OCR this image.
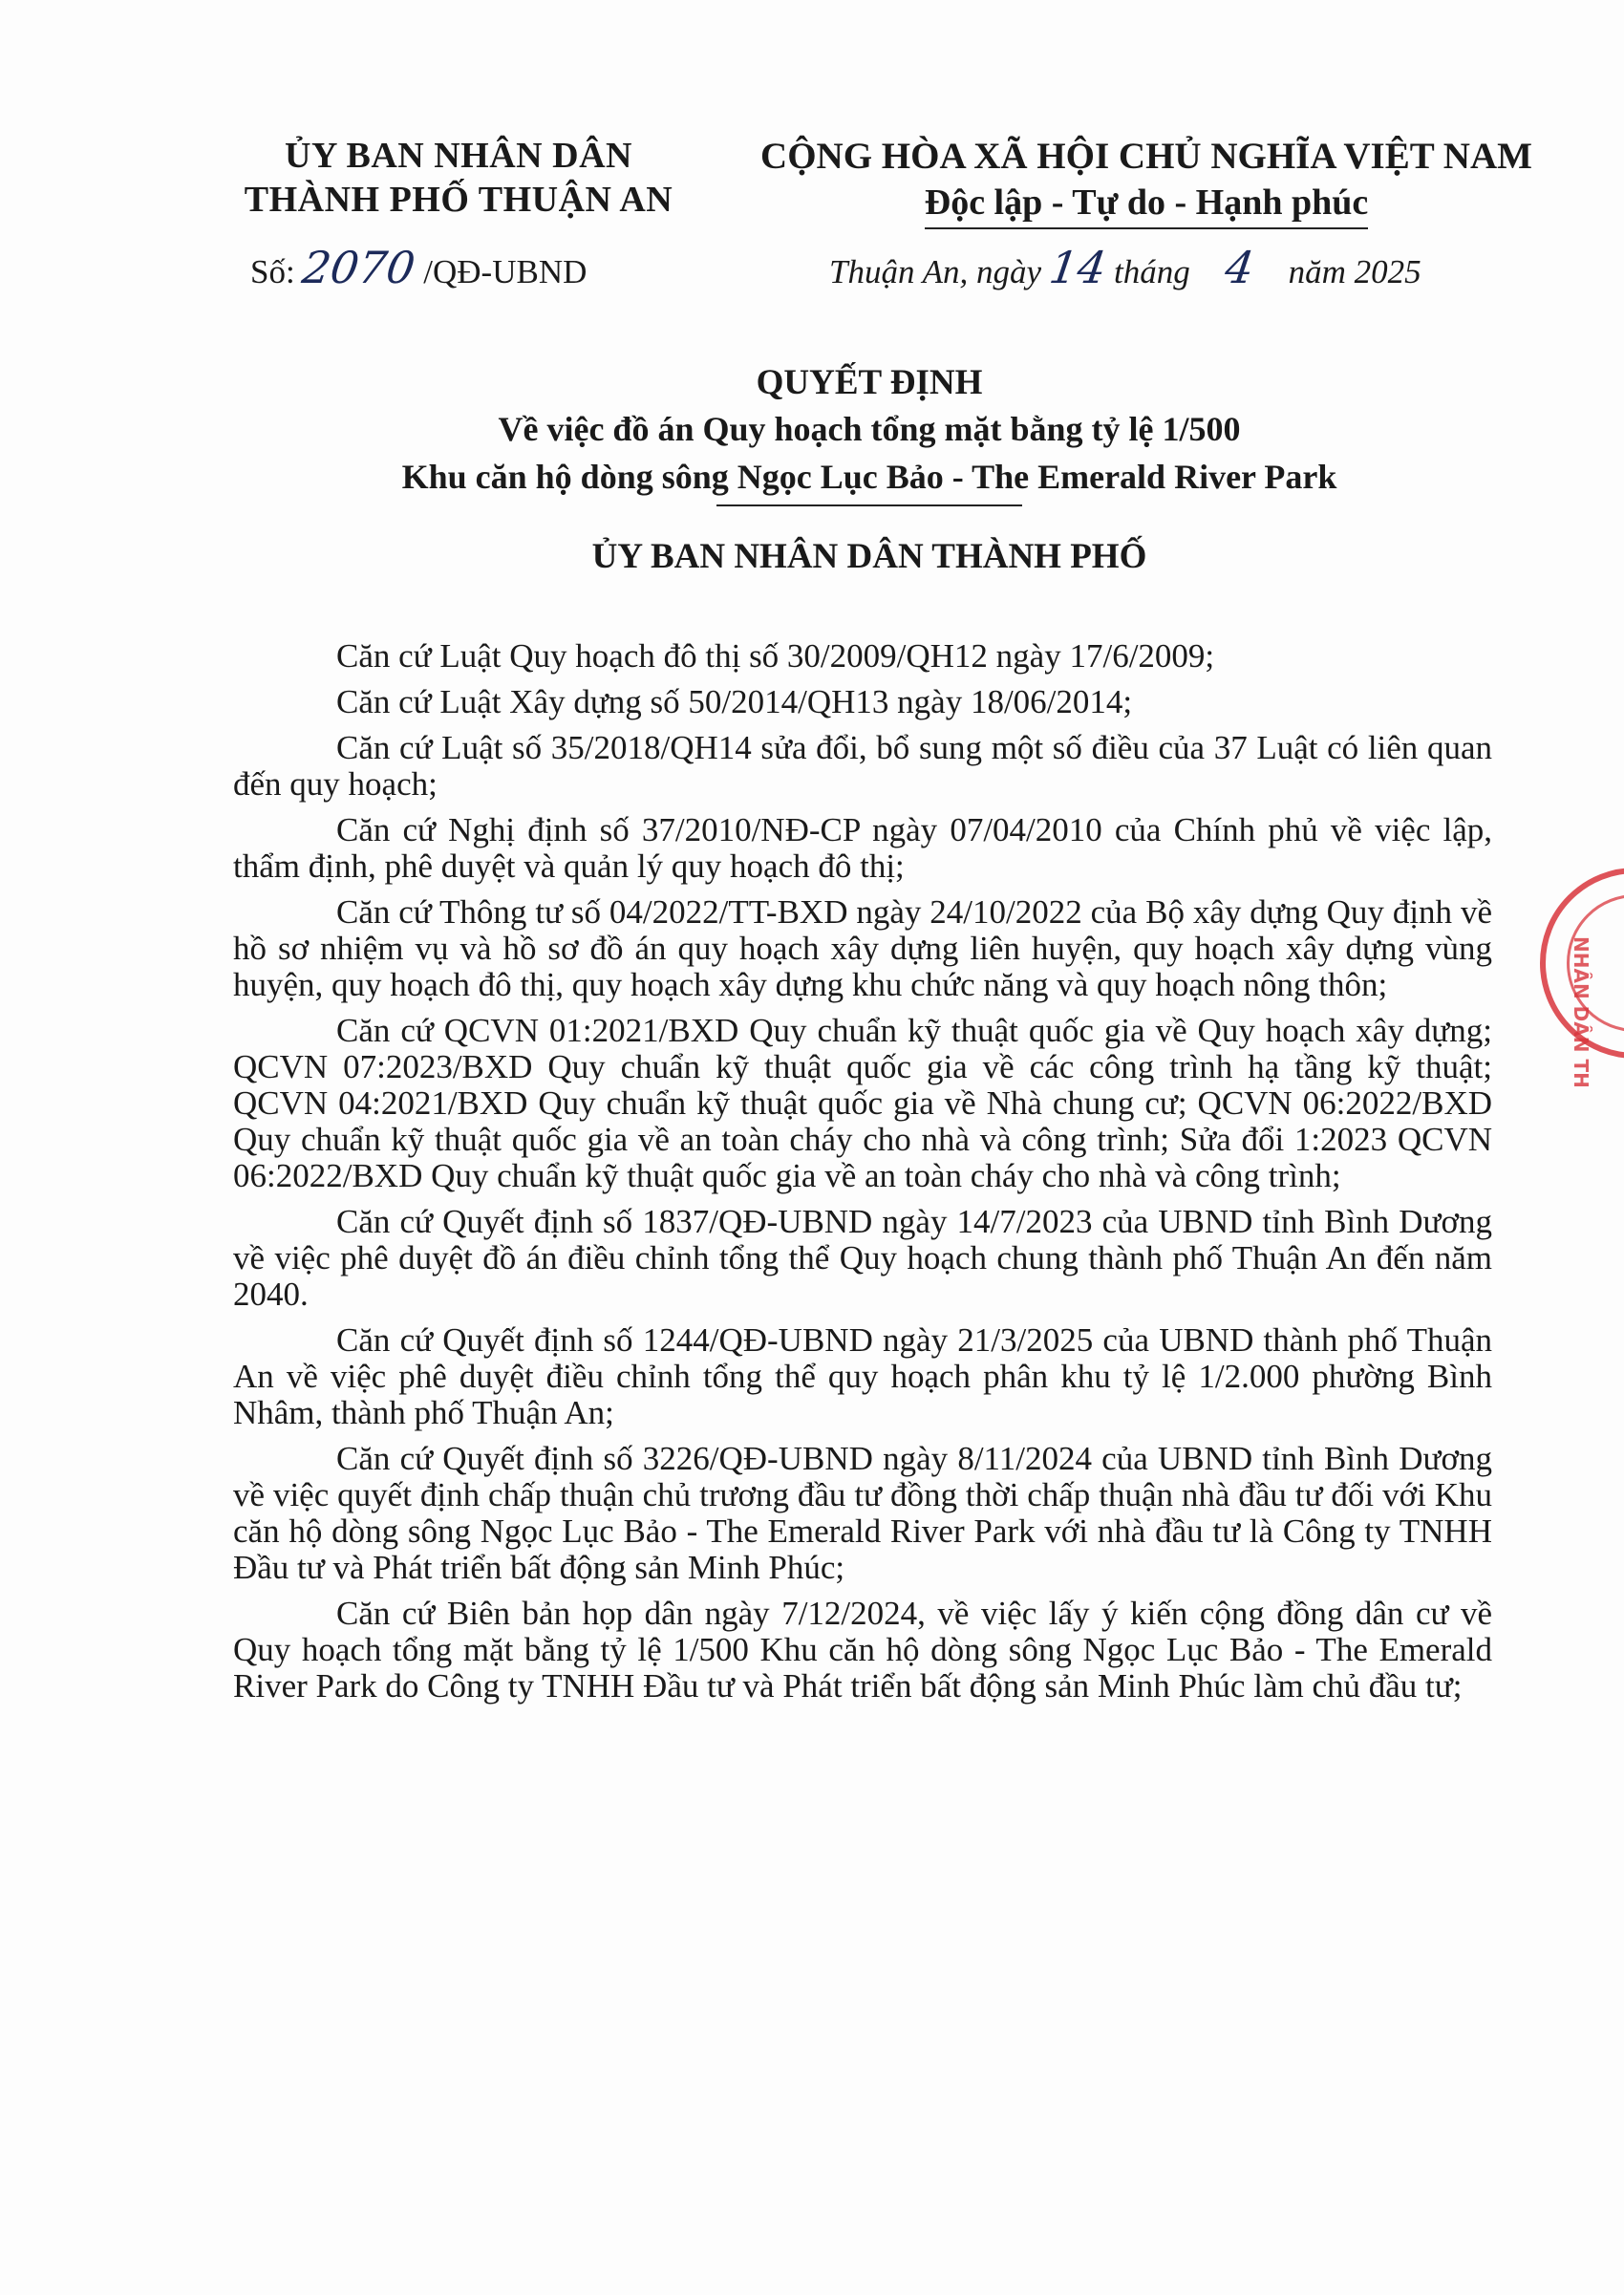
ỦY BAN NHÂN DÂN
THÀNH PHỐ THUẬN AN
CỘNG HÒA XÃ HỘI CHỦ NGHĨA VIỆT NAM
Độc lập - Tự do - Hạnh phúc
Số: 2070 /QĐ-UBND	Thuận An, ngày 14 tháng 4 năm 2025
QUYẾT ĐỊNH
Về việc đồ án Quy hoạch tổng mặt bằng tỷ lệ 1/500
Khu căn hộ dòng sông Ngọc Lục Bảo - The Emerald River Park
ỦY BAN NHÂN DÂN THÀNH PHỐ

Căn cứ Luật Quy hoạch đô thị số 30/2009/QH12 ngày 17/6/2009;

Căn cứ Luật Xây dựng số 50/2014/QH13 ngày 18/06/2014;

Căn cứ Luật số 35/2018/QH14 sửa đổi, bổ sung một số điều của 37 Luật có liên quan đến quy hoạch;

Căn cứ Nghị định số 37/2010/NĐ-CP ngày 07/04/2010 của Chính phủ về việc lập, thẩm định, phê duyệt và quản lý quy hoạch đô thị;

Căn cứ Thông tư số 04/2022/TT-BXD ngày 24/10/2022 của Bộ xây dựng Quy định về hồ sơ nhiệm vụ và hồ sơ đồ án quy hoạch xây dựng liên huyện, quy hoạch xây dựng vùng huyện, quy hoạch đô thị, quy hoạch xây dựng khu chức năng và quy hoạch nông thôn;

Căn cứ QCVN 01:2021/BXD Quy chuẩn kỹ thuật quốc gia về Quy hoạch xây dựng; QCVN 07:2023/BXD Quy chuẩn kỹ thuật quốc gia về các công trình hạ tầng kỹ thuật; QCVN 04:2021/BXD Quy chuẩn kỹ thuật quốc gia về Nhà chung cư; QCVN 06:2022/BXD Quy chuẩn kỹ thuật quốc gia về an toàn cháy cho nhà và công trình; Sửa đổi 1:2023 QCVN 06:2022/BXD Quy chuẩn kỹ thuật quốc gia về an toàn cháy cho nhà và công trình;

Căn cứ Quyết định số 1837/QĐ-UBND ngày 14/7/2023 của UBND tỉnh Bình Dương về việc phê duyệt đồ án điều chỉnh tổng thể Quy hoạch chung thành phố Thuận An đến năm 2040.

Căn cứ Quyết định số 1244/QĐ-UBND ngày 21/3/2025 của UBND thành phố Thuận An về việc phê duyệt điều chỉnh tổng thể quy hoạch phân khu tỷ lệ 1/2.000 phường Bình Nhâm, thành phố Thuận An;

Căn cứ Quyết định số 3226/QĐ-UBND ngày 8/11/2024 của UBND tỉnh Bình Dương về việc quyết định chấp thuận chủ trương đầu tư đồng thời chấp thuận nhà đầu tư đối với Khu căn hộ dòng sông Ngọc Lục Bảo - The Emerald River Park với nhà đầu tư là Công ty TNHH Đầu tư và Phát triển bất động sản Minh Phúc;

Căn cứ Biên bản họp dân ngày 7/12/2024, về việc lấy ý kiến cộng đồng dân cư về Quy hoạch tổng mặt bằng tỷ lệ 1/500 Khu căn hộ dòng sông Ngọc Lục Bảo - The Emerald River Park do Công ty TNHH Đầu tư và Phát triển bất động sản Minh Phúc làm chủ đầu tư;

NHÂN DÂN TH
